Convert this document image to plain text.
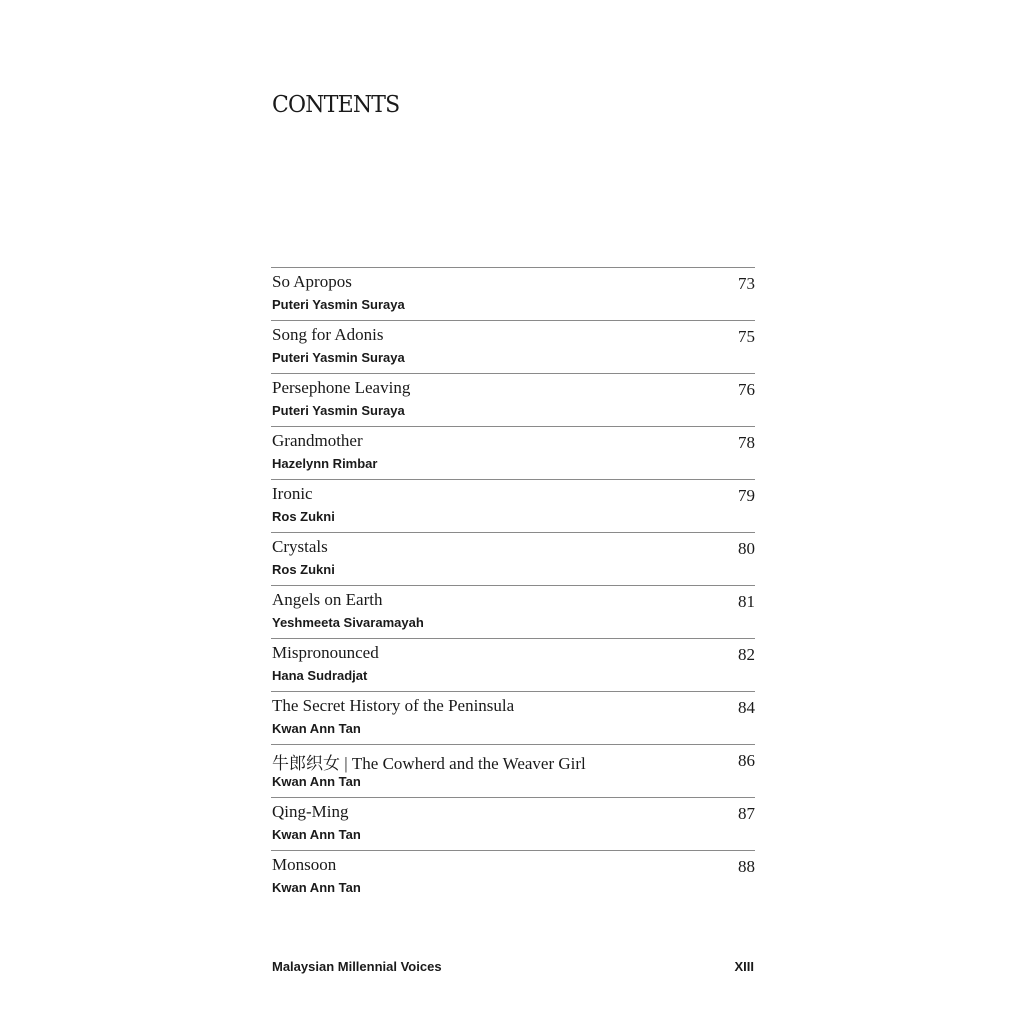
CONTENTS
So Apropos
Puteri Yasmin Suraya
73
Song for Adonis
Puteri Yasmin Suraya
75
Persephone Leaving
Puteri Yasmin Suraya
76
Grandmother
Hazelynn Rimbar
78
Ironic
Ros Zukni
79
Crystals
Ros Zukni
80
Angels on Earth
Yeshmeeta Sivaramayah
81
Mispronounced
Hana Sudradjat
82
The Secret History of the Peninsula
Kwan Ann Tan
84
牛郎织女 | The Cowherd and the Weaver Girl
Kwan Ann Tan
86
Qing-Ming
Kwan Ann Tan
87
Monsoon
Kwan Ann Tan
88
Malaysian Millennial Voices	XIII
